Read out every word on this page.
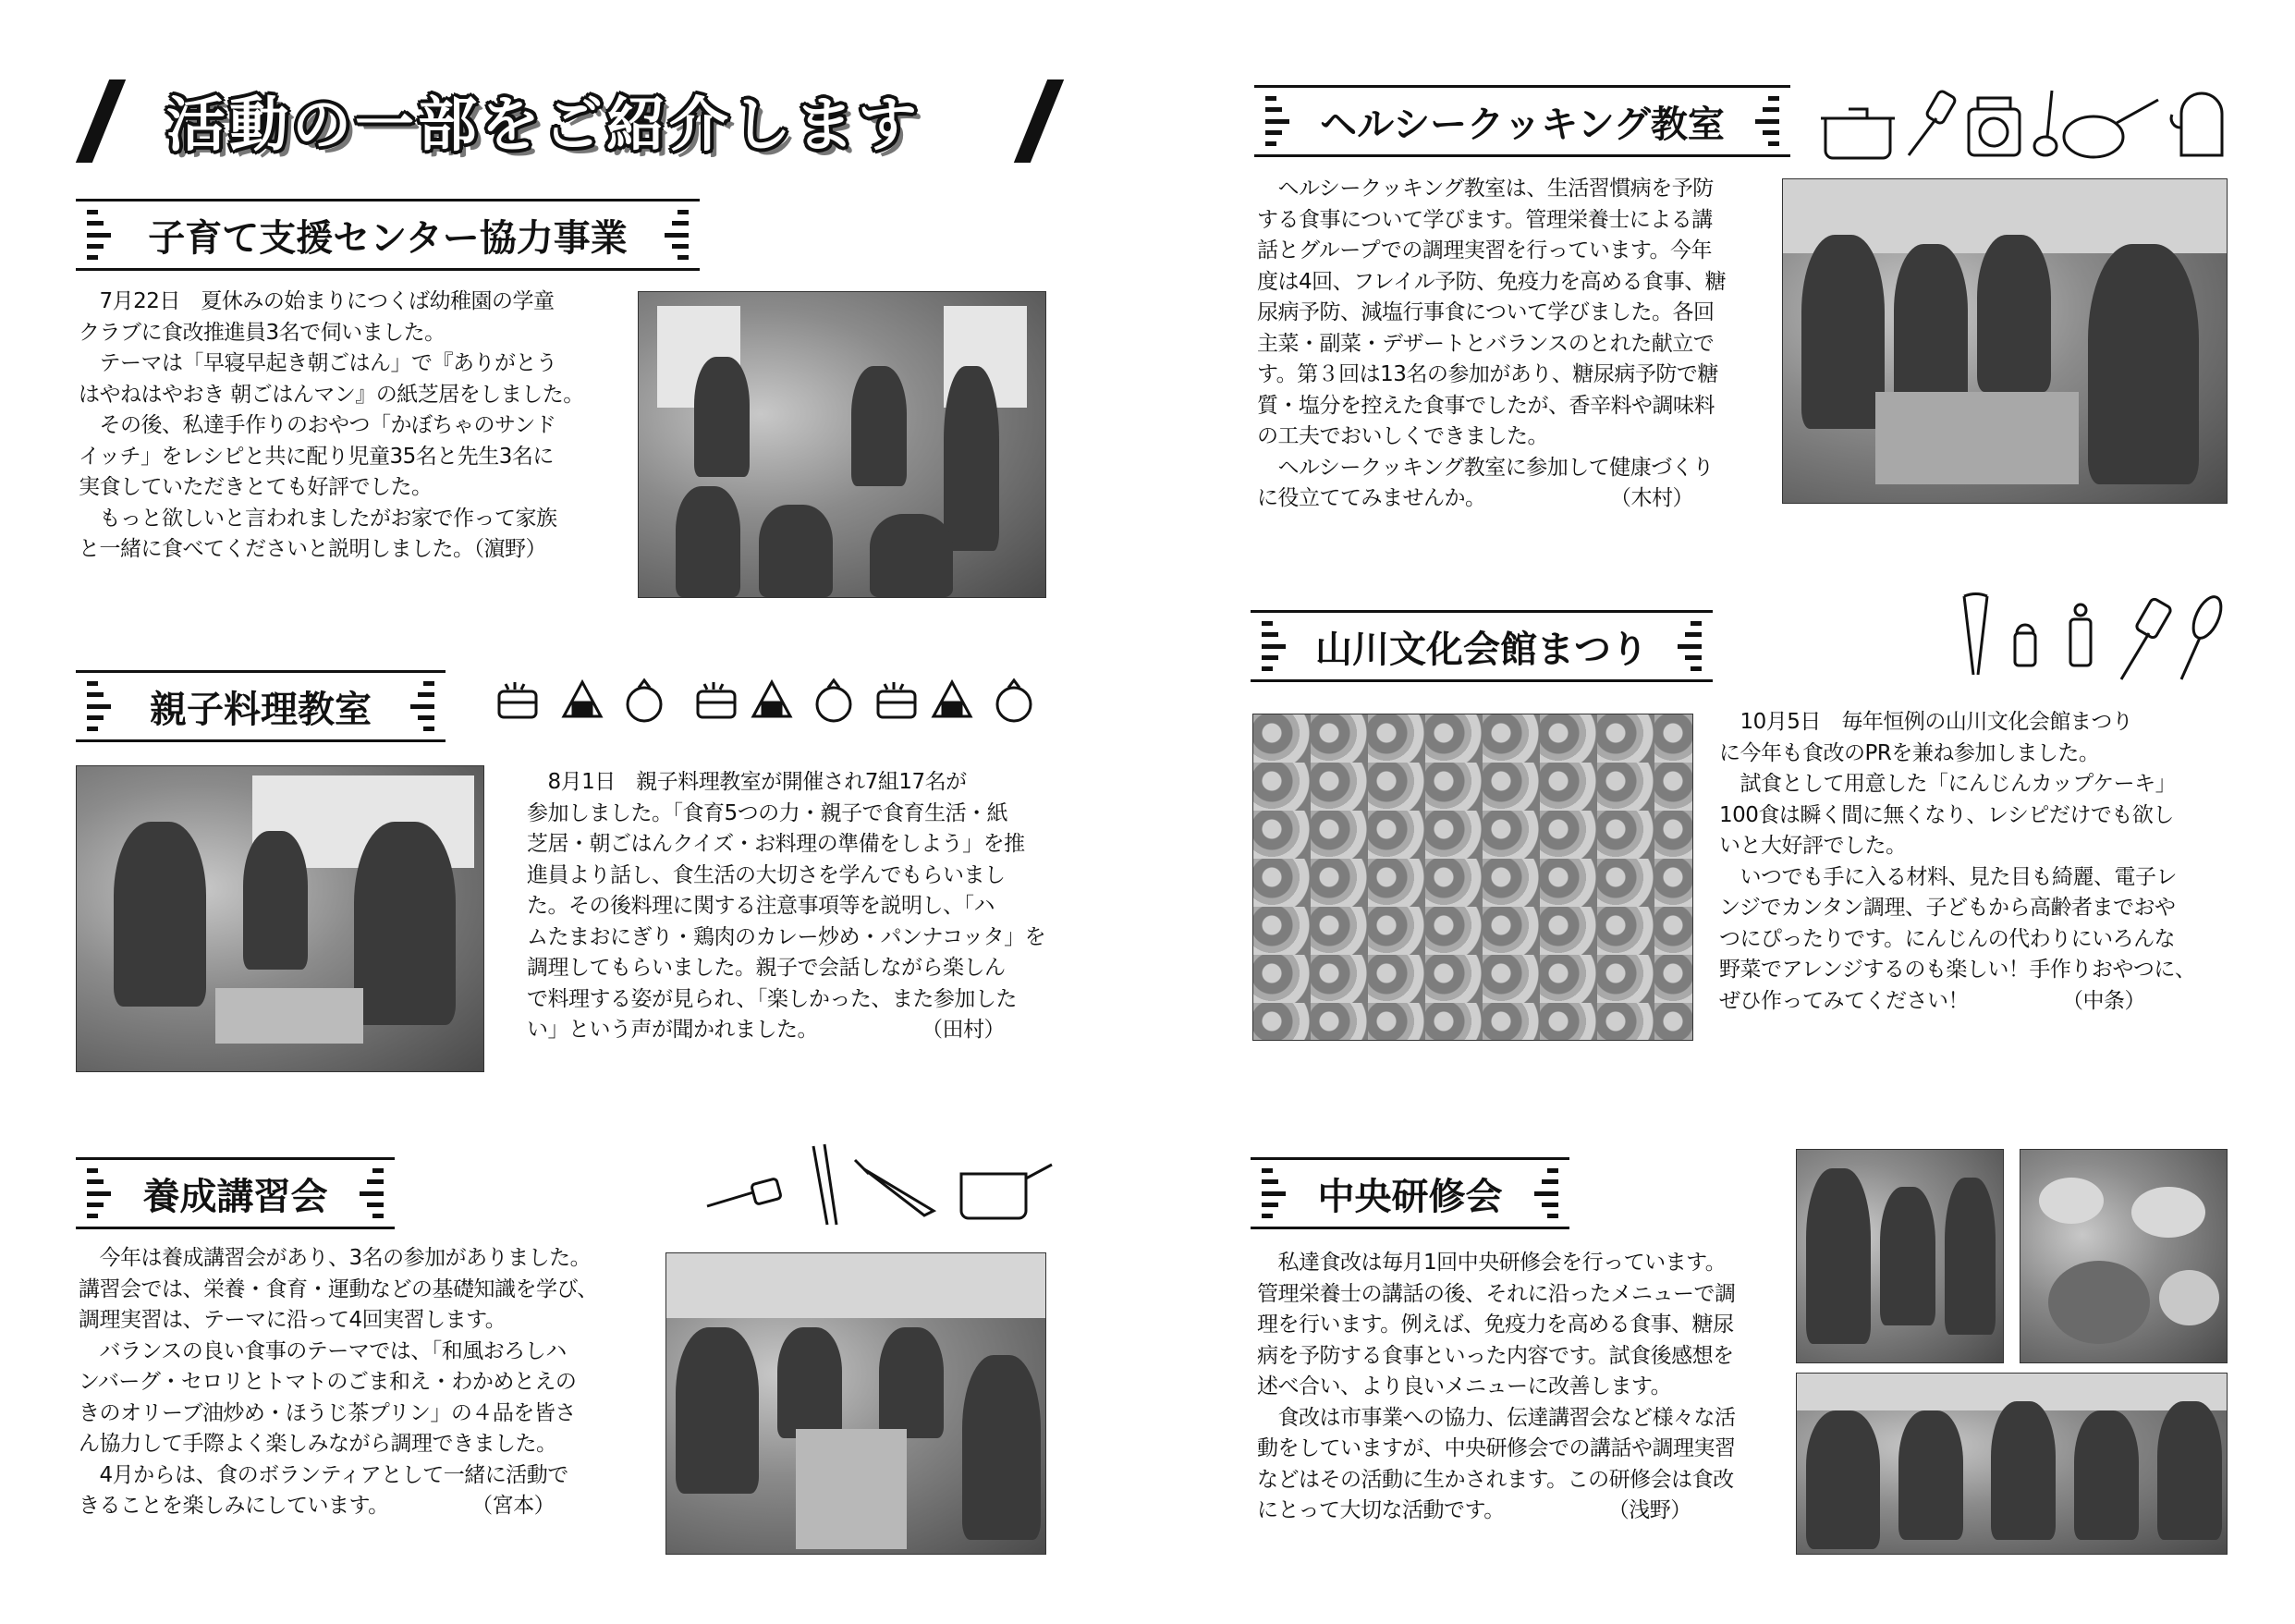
活動の一部をご紹介します
子育て支援センター協力事業
　7月22日　夏休みの始まりにつくば幼稚園の学童
クラブに食改推進員3名で伺いました。
　テーマは「早寝早起き朝ごはん」で『ありがとう
はやねはやおき 朝ごはんマン』の紙芝居をしました。
　その後、私達手作りのおやつ「かぼちゃのサンド
イッチ」をレシピと共に配り児童35名と先生3名に
実食していただきとても好評でした。
　もっと欲しいと言われましたがお家で作って家族
と一緒に食べてくださいと説明しました。（濵野）
親子料理教室
　8月1日　親子料理教室が開催され7組17名が
参加しました。「食育5つの力・親子で食育生活・紙
芝居・朝ごはんクイズ・お料理の準備をしよう」を推
進員より話し、食生活の大切さを学んでもらいまし
た。その後料理に関する注意事項等を説明し、「ハ
ムたまおにぎり・鶏肉のカレー炒め・パンナコッタ」を
調理してもらいました。親子で会話しながら楽しん
で料理する姿が見られ、「楽しかった、また参加した
い」という声が聞かれました。　　　　　　（田村）
養成講習会
　今年は養成講習会があり、3名の参加がありました。
講習会では、栄養・食育・運動などの基礎知識を学び、
調理実習は、テーマに沿って4回実習します。
　バランスの良い食事のテーマでは、「和風おろしハ
ンバーグ・セロリとトマトのごま和え・わかめとえの
きのオリーブ油炒め・ほうじ茶プリン」の４品を皆さ
ん協力して手際よく楽しみながら調理できました。
　4月からは、食のボランティアとして一緒に活動で
きることを楽しみにしています。　　　　　（宮本）
ヘルシークッキング教室
　ヘルシークッキング教室は、生活習慣病を予防
する食事について学びます。管理栄養士による講
話とグループでの調理実習を行っています。今年
度は4回、フレイル予防、免疫力を高める食事、糖
尿病予防、減塩行事食について学びました。各回
主菜・副菜・デザートとバランスのとれた献立で
す。第３回は13名の参加があり、糖尿病予防で糖
質・塩分を控えた食事でしたが、香辛料や調味料
の工夫でおいしくできました。
　ヘルシークッキング教室に参加して健康づくり
に役立ててみませんか。　　　　　　　（木村）
山川文化会館まつり
　10月5日　毎年恒例の山川文化会館まつり
に今年も食改のPRを兼ね参加しました。
　試食として用意した「にんじんカップケーキ」
100食は瞬く間に無くなり、レシピだけでも欲し
いと大好評でした。
　いつでも手に入る材料、見た目も綺麗、電子レ
ンジでカンタン調理、子どもから高齢者までおや
つにぴったりです。にんじんの代わりにいろんな
野菜でアレンジするのも楽しい！手作りおやつに、
ぜひ作ってみてください！　　　　　（中条）
中央研修会
　私達食改は毎月1回中央研修会を行っています。
管理栄養士の講話の後、それに沿ったメニューで調
理を行います。例えば、免疫力を高める食事、糖尿
病を予防する食事といった内容です。試食後感想を
述べ合い、より良いメニューに改善します。
　食改は市事業への協力、伝達講習会など様々な活
動をしていますが、中央研修会での講話や調理実習
などはその活動に生かされます。この研修会は食改
にとって大切な活動です。　　　　　　（浅野）
